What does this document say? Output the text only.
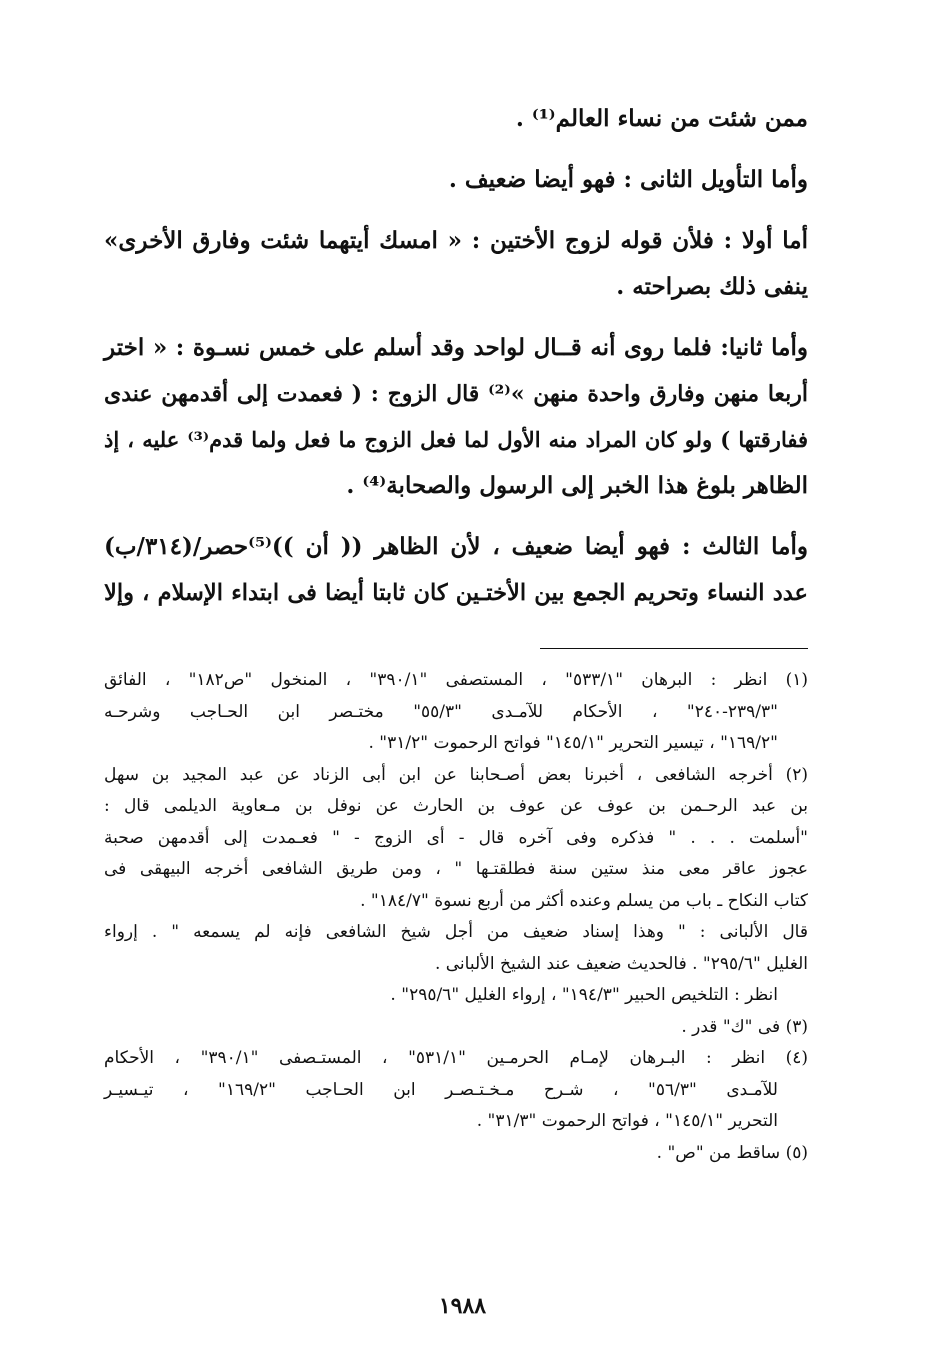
ممن شئت من نساء العالم⁽¹⁾ .
وأما التأويل الثانى : فهو أيضا ضعيف .
أما أولا : فلأن قوله لزوج الأختين : « امسك أيتهما شئت وفارق الأخرى»
ينفى ذلك بصراحته .
وأما ثانيا: فلما روى أنه قــال لواحد وقد أسلم على خمس نسـوة : « اختر
أربعا منهن وفارق واحدة منهن »⁽²⁾ قال الزوج : ( فعمدت إلى أقدمهن عندى
ففارقتها ) ولو كان المراد منه الأول لما فعل الزوج ما فعل ولما قدم⁽³⁾ عليه ، إذ
الظاهر بلوغ هذا الخبر إلى الرسول والصحابة⁽⁴⁾ .
وأما الثالث : فهو أيضا ضعيف ، لأن الظاهر (( أن ))⁽⁵⁾حصر/(٣١٤/ب)
عدد النساء وتحريم الجمع بين الأختـين كان ثابتا أيضا فى ابتداء الإسلام ، وإلا
(١) انظر : البرهان "٥٣٣/١" ، المستصفى "٣٩٠/١" ، المنخول "ص١٨٢" ، الفائق
"٢٣٩/٣-٢٤٠" ، الأحكام للآمـدى "٥٥/٣" مختـصر ابن الحـاجب وشرحـه
"١٦٩/٢" ، تيسير التحرير "١٤٥/١" فواتح الرحموت "٣١/٢" .
(٢) أخرجه الشافعى ، أخبرنا بعض أصـحابنا عن ابن أبى الزناد عن عبد المجيد بن سهل
بن عبد الرحـمن بن عوف عن عوف بن الحارث عن نوفل بن مـعاوية الديلمى قال :
"أسلمت . . . " فذكره وفى آخره قال - أى الزوج - " فعـمدت إلى أقدمهن صحبة
عجوز عاقر معى منذ ستين سنة فطلقتـها " ، ومن طريق الشافعى أخرجه البيهقى فى
كتاب النكاح ـ باب من يسلم وعنده أكثر من أربع نسوة "١٨٤/٧" .
قال الألبانى : " وهذا إسناد ضعيف من أجل شيخ الشافعى فإنه لم يسمعه " . إرواء
الغليل "٢٩٥/٦" . فالحديث ضعيف عند الشيخ الألبانى .
انظر : التلخيص الحبير "١٩٤/٣" ، إرواء الغليل "٢٩٥/٦" .
(٣) فى "ك" قدر .
(٤) انظر : البـرهان لإمـام الحرمـين "٥٣١/١" ، المستـصفى "٣٩٠/١" ، الأحكام
للآمـدى "٥٦/٣" ، شـرح مـخـتـصـر ابن الحـاجب "١٦٩/٢" ، تيـسيـر
التحرير "١٤٥/١" ، فواتح الرحموت "٣١/٣" .
(٥) ساقط من "ص" .
١٩٨٨
